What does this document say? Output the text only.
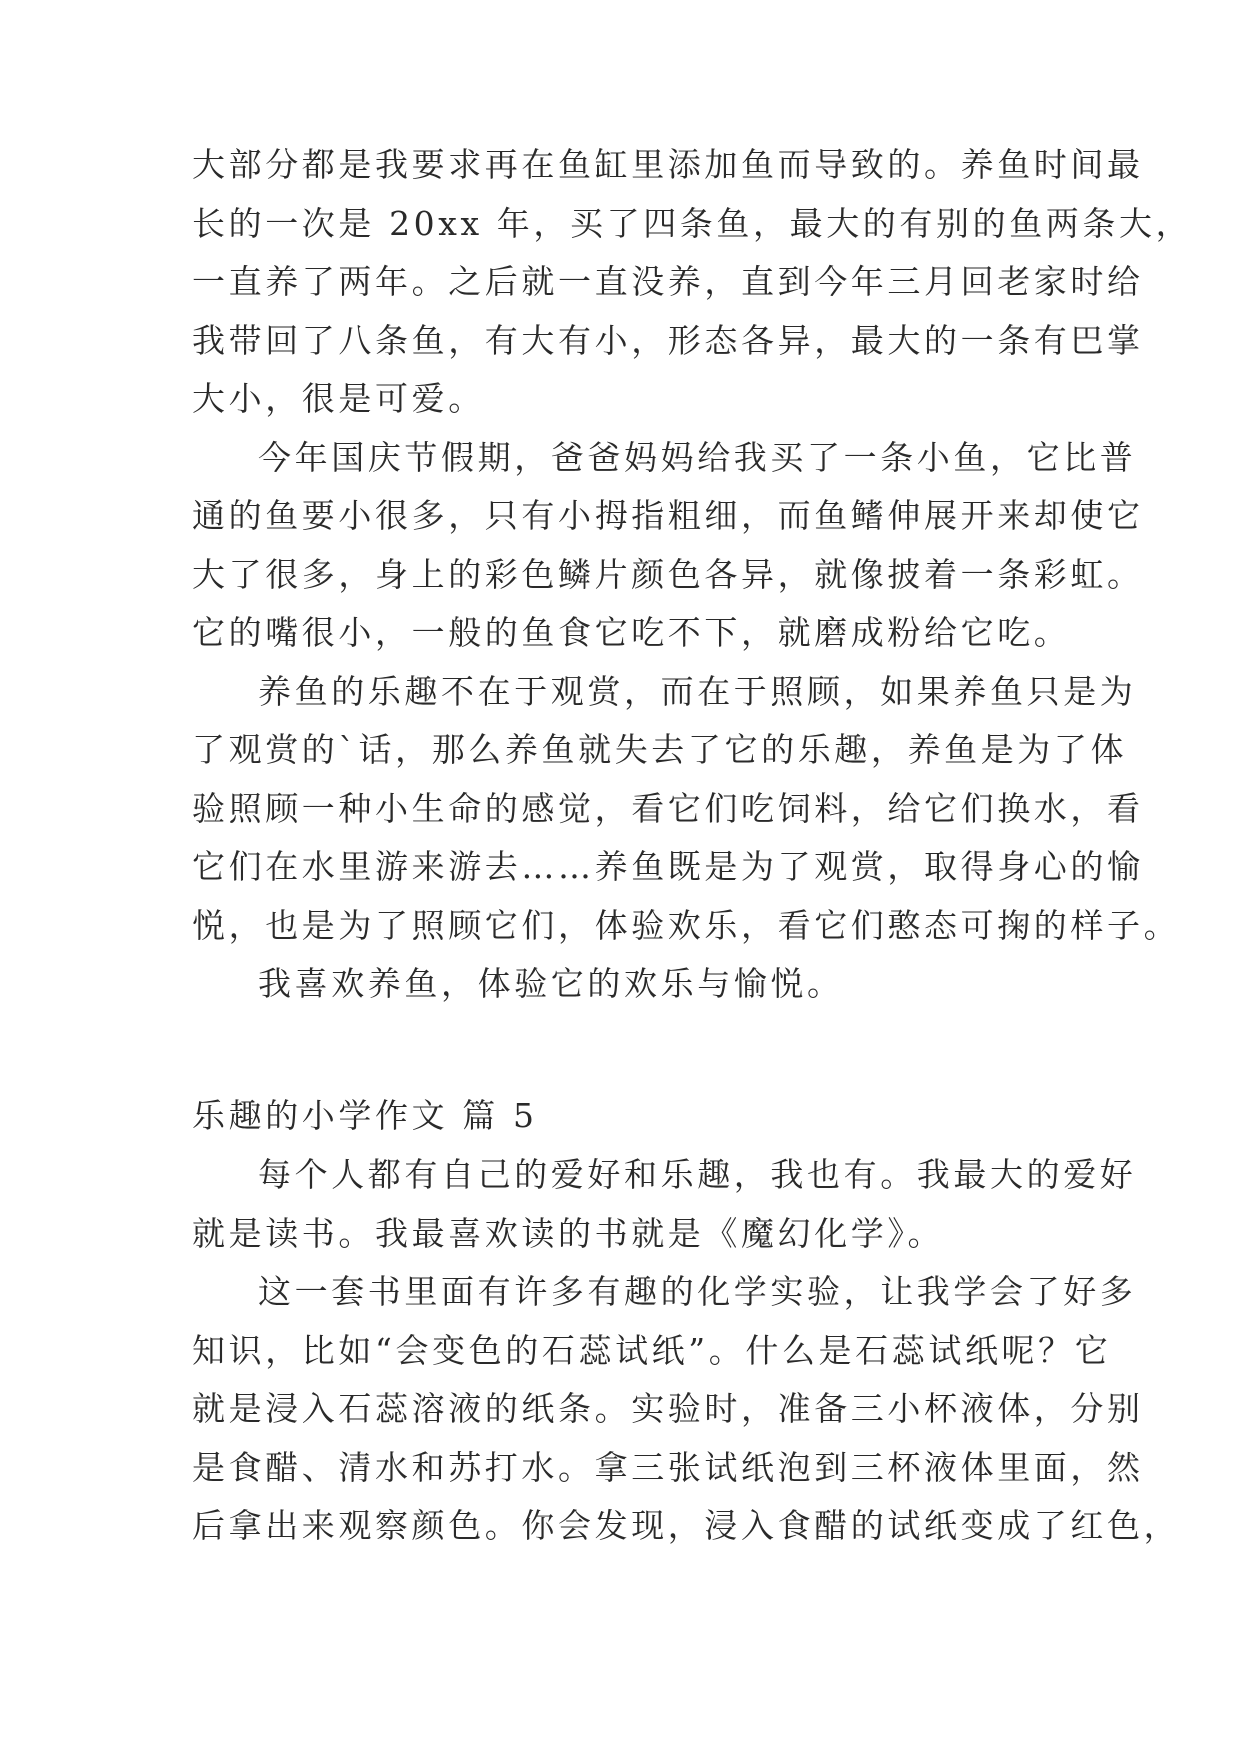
大部分都是我要求再在鱼缸里添加鱼而导致的。养鱼时间最
长的一次是 20xx 年，买了四条鱼，最大的有别的鱼两条大，
一直养了两年。之后就一直没养，直到今年三月回老家时给
我带回了八条鱼，有大有小，形态各异，最大的一条有巴掌
大小，很是可爱。
今年国庆节假期，爸爸妈妈给我买了一条小鱼，它比普
通的鱼要小很多，只有小拇指粗细，而鱼鳍伸展开来却使它
大了很多，身上的彩色鳞片颜色各异，就像披着一条彩虹。
它的嘴很小，一般的鱼食它吃不下，就磨成粉给它吃。
养鱼的乐趣不在于观赏，而在于照顾，如果养鱼只是为
了观赏的`话，那么养鱼就失去了它的乐趣，养鱼是为了体
验照顾一种小生命的感觉，看它们吃饲料，给它们换水，看
它们在水里游来游去……养鱼既是为了观赏，取得身心的愉
悦，也是为了照顾它们，体验欢乐，看它们憨态可掬的样子。
我喜欢养鱼，体验它的欢乐与愉悦。
乐趣的小学作文 篇 5
每个人都有自己的爱好和乐趣，我也有。我最大的爱好
就是读书。我最喜欢读的书就是《魔幻化学》。
这一套书里面有许多有趣的化学实验，让我学会了好多
知识，比如“会变色的石蕊试纸”。什么是石蕊试纸呢？它
就是浸入石蕊溶液的纸条。实验时，准备三小杯液体，分别
是食醋、清水和苏打水。拿三张试纸泡到三杯液体里面，然
后拿出来观察颜色。你会发现，浸入食醋的试纸变成了红色，
